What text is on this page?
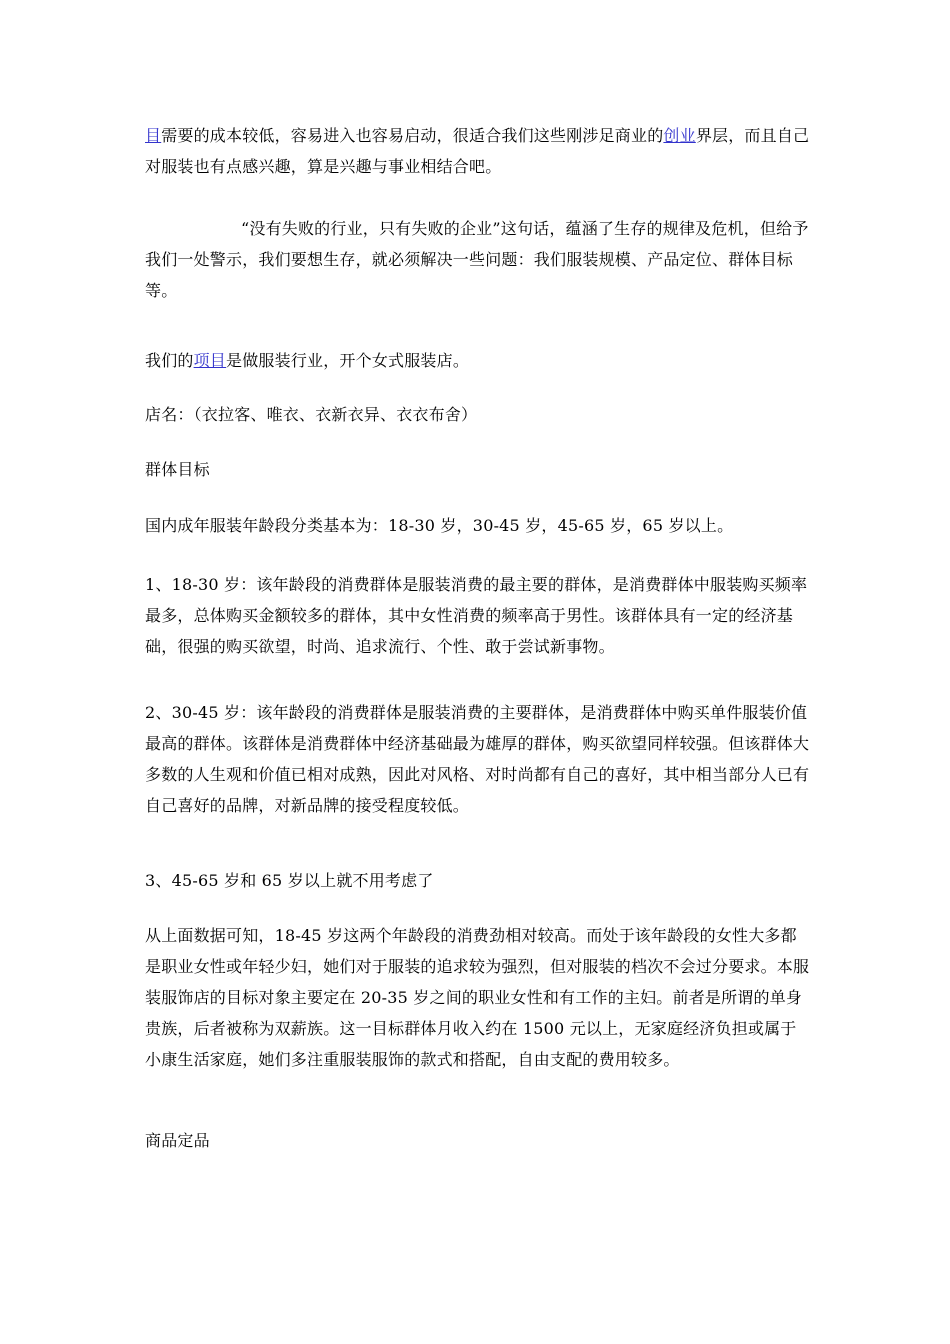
目需要的成本较低，容易进入也容易启动，很适合我们这些刚涉足商业的创业界层，而且自己对服装也有点感兴趣，算是兴趣与事业相结合吧。

“没有失败的行业，只有失败的企业”这句话，蕴涵了生存的规律及危机，但给予我们一处警示，我们要想生存，就必须解决一些问题：我们服装规模、产品定位、群体目标等。

我们的项目是做服装行业，开个女式服装店。

店名：（衣拉客、唯衣、衣新衣异、衣衣布舍）

群体目标

国内成年服装年龄段分类基本为：18-30 岁，30-45 岁，45-65 岁，65 岁以上。

1、18-30 岁：该年龄段的消费群体是服装消费的最主要的群体，是消费群体中服装购买频率最多，总体购买金额较多的群体，其中女性消费的频率高于男性。该群体具有一定的经济基础，很强的购买欲望，时尚、追求流行、个性、敢于尝试新事物。

2、30-45 岁：该年龄段的消费群体是服装消费的主要群体，是消费群体中购买单件服装价值最高的群体。该群体是消费群体中经济基础最为雄厚的群体，购买欲望同样较强。但该群体大多数的人生观和价值已相对成熟，因此对风格、对时尚都有自己的喜好，其中相当部分人已有自己喜好的品牌，对新品牌的接受程度较低。

3、45-65 岁和 65 岁以上就不用考虑了

从上面数据可知，18-45 岁这两个年龄段的消费劲相对较高。而处于该年龄段的女性大多都是职业女性或年轻少妇，她们对于服装的追求较为强烈，但对服装的档次不会过分要求。本服装服饰店的目标对象主要定在 20-35 岁之间的职业女性和有工作的主妇。前者是所谓的单身贵族，后者被称为双薪族。这一目标群体月收入约在 1500 元以上，无家庭经济负担或属于小康生活家庭，她们多注重服装服饰的款式和搭配，自由支配的费用较多。

商品定品
